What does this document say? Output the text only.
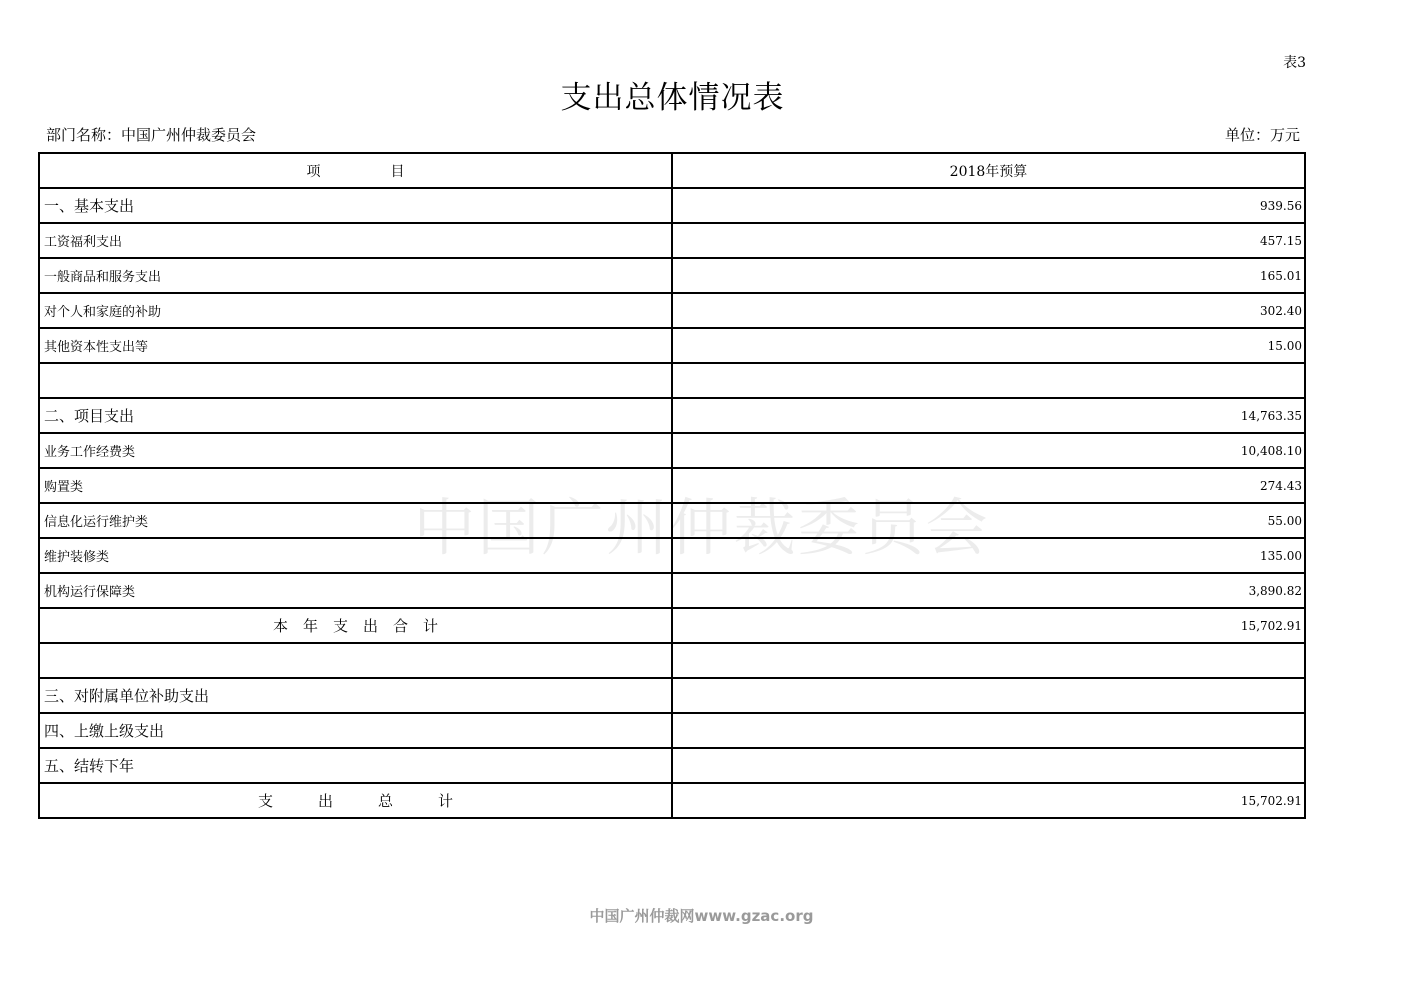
表3
支出总体情况表
部门名称：中国广州仲裁委员会	单位：万元
中国广州仲裁委员会
项　　　　　目	2018年预算
一、基本支出	939.56
工资福利支出	457.15
一般商品和服务支出	165.01
对个人和家庭的补助	302.40
其他资本性支出等	15.00

二、项目支出	14,763.35
业务工作经费类	10,408.10
购置类	274.43
信息化运行维护类	55.00
维护装修类	135.00
机构运行保障类	3,890.82
本　年　支　出　合　计	15,702.91

三、对附属单位补助支出	
四、上缴上级支出	
五、结转下年	
支　　　出　　　总　　　计	15,702.91
中国广州仲裁网www.gzac.org
